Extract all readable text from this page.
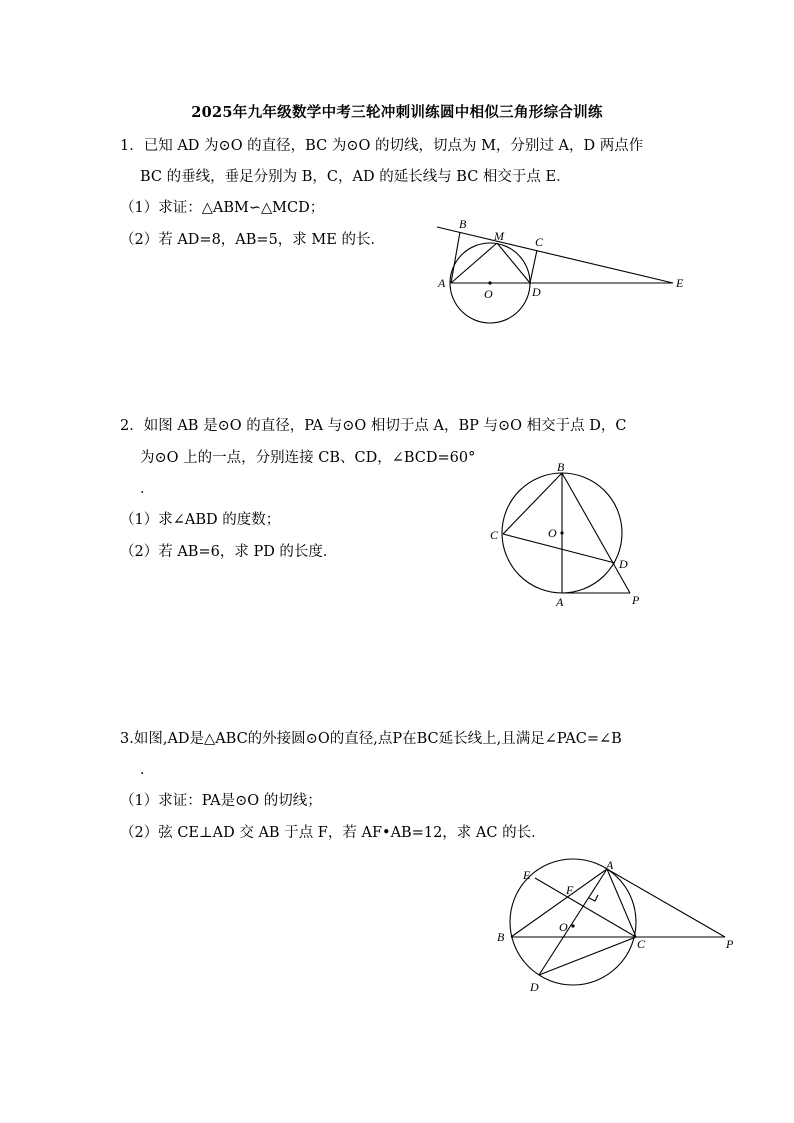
2025年九年级数学中考三轮冲刺训练圆中相似三角形综合训练
1．已知 AD 为⊙O 的直径，BC 为⊙O 的切线，切点为 M，分别过 A，D 两点作
BC 的垂线，垂足分别为 B，C，AD 的延长线与 BC 相交于点 E．
（1）求证：△ABM∽△MCD；
（2）若 AD=8，AB=5，求 ME 的长．
B
M	C
A
O	D
E
2．如图 AB 是⊙O 的直径，PA 与⊙O 相切于点 A，BP 与⊙O 相交于点 D，C
为⊙O 上的一点，分别连接 CB、CD，∠BCD=60°
．
（1）求∠ABD 的度数；
（2）若 AB=6，求 PD 的长度．
B
C	O
D
A	P
3.如图,AD是△ABC的外接圆⊙O的直径,点P在BC延长线上,且满足∠PAC=∠B
．
（1）求证：PA是⊙O 的切线；
（2）弦 CE⊥AD 交 AB 于点 F，若 AF•AB=12，求 AC 的长．
E
A
F
O
B	C	P
D
